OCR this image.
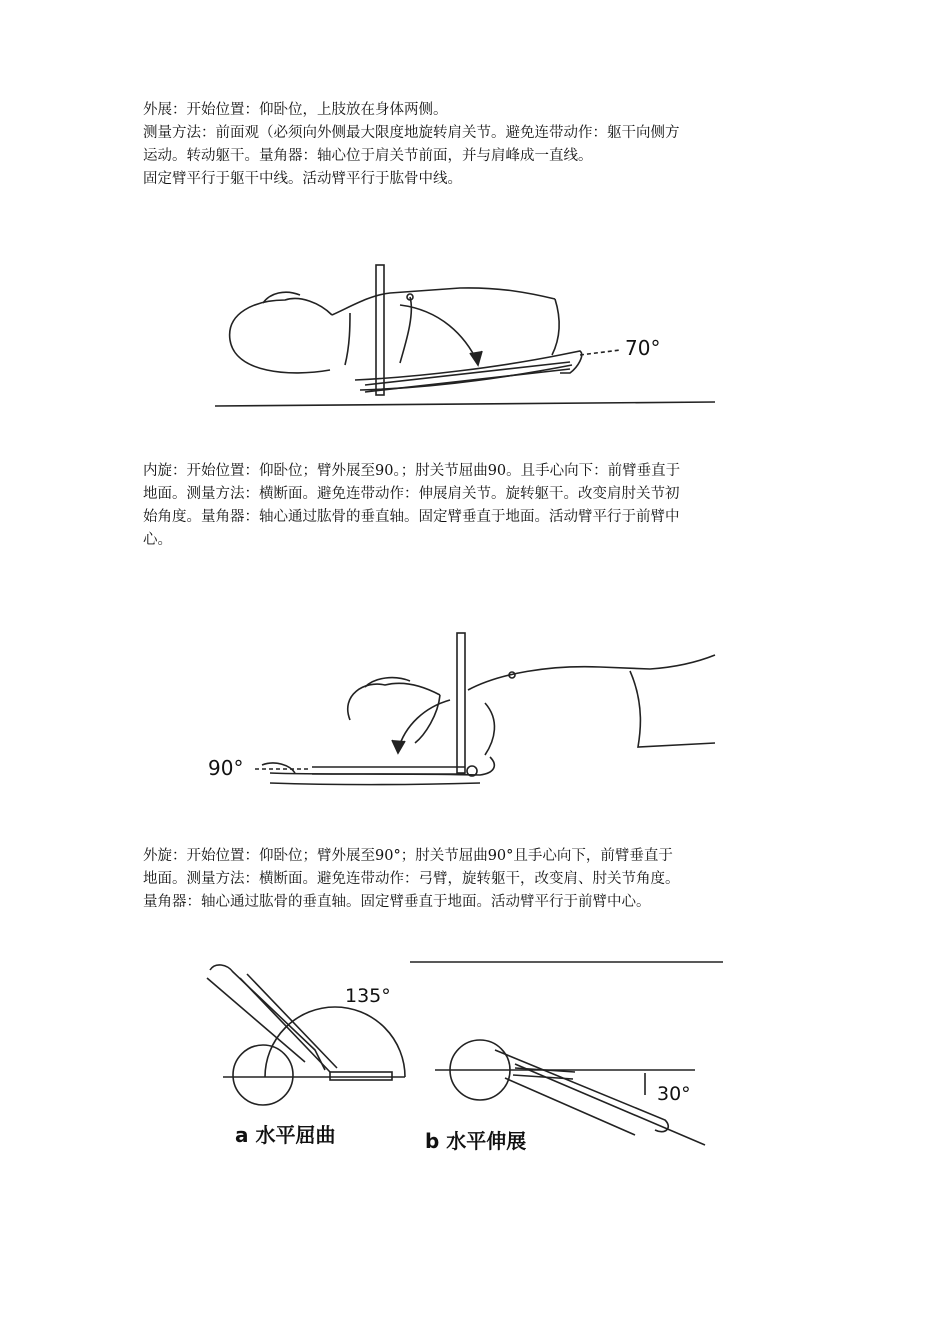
外展：开始位置：仰卧位，上肢放在身体两侧。
测量方法：前面观（必须向外侧最大限度地旋转肩关节。避免连带动作：躯干向侧方
运动。转动躯干。量角器：轴心位于肩关节前面，并与肩峰成一直线。
固定臂平行于躯干中线。活动臂平行于肱骨中线。
70°
内旋：开始位置：仰卧位；臂外展至90。；肘关节屈曲90。且手心向下：前臂垂直于
地面。测量方法：横断面。避免连带动作：伸展肩关节。旋转躯干。改变肩肘关节初
始角度。量角器：轴心通过肱骨的垂直轴。固定臂垂直于地面。活动臂平行于前臂中
心。
90°
外旋：开始位置：仰卧位；臂外展至90°；肘关节屈曲90°且手心向下，前臂垂直于
地面。测量方法：横断面。避免连带动作：弓臂，旋转躯干，改变肩、肘关节角度。
量角器：轴心通过肱骨的垂直轴。固定臂垂直于地面。活动臂平行于前臂中心。
135°
30°
a 水平屈曲	b 水平伸展
